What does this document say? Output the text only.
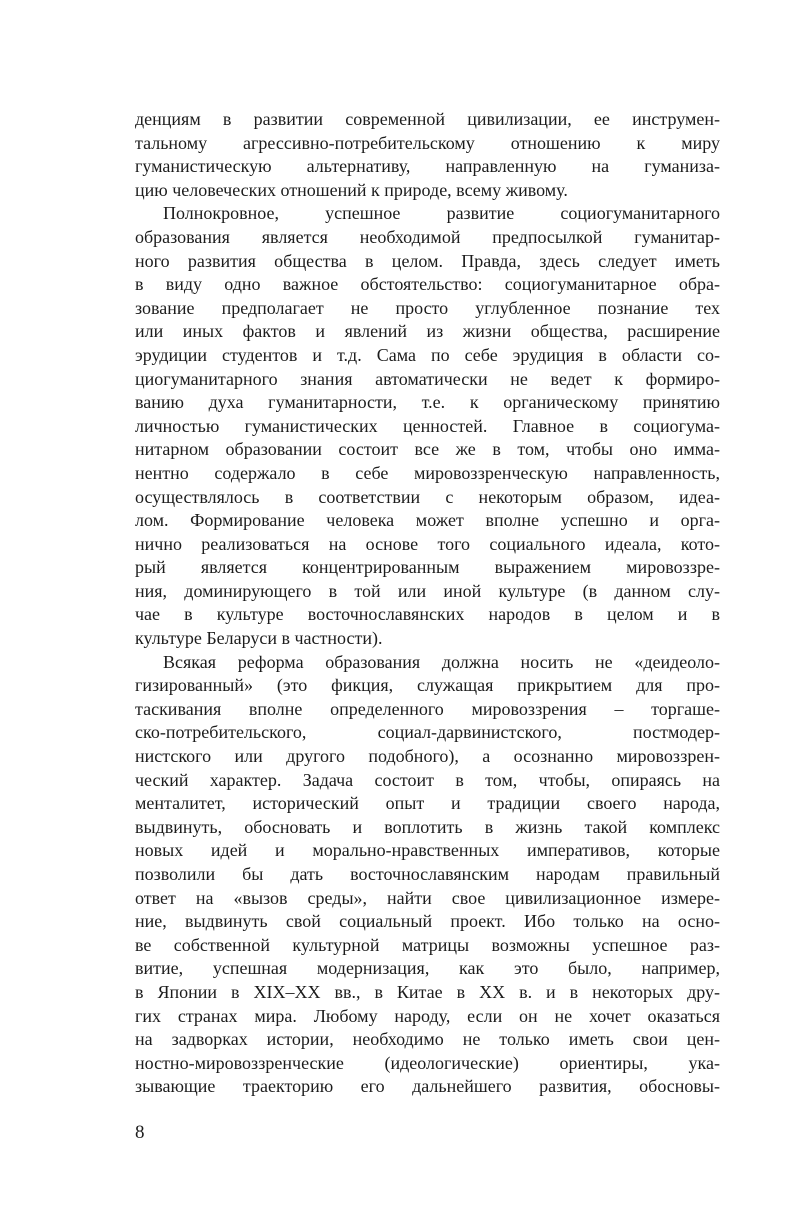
денциям в развитии современной цивилизации, ее инструмен-
тальному агрессивно-потребительскому отношению к миру
гуманистическую альтернативу, направленную на гуманиза-
цию человеческих отношений к природе, всему живому.
Полнокровное, успешное развитие социогуманитарного
образования является необходимой предпосылкой гуманитар-
ного развития общества в целом. Правда, здесь следует иметь
в виду одно важное обстоятельство: социогуманитарное обра-
зование предполагает не просто углубленное познание тех
или иных фактов и явлений из жизни общества, расширение
эрудиции студентов и т.д. Сама по себе эрудиция в области со-
циогуманитарного знания автоматически не ведет к формиро-
ванию духа гуманитарности, т.е. к органическому принятию
личностью гуманистических ценностей. Главное в социогума-
нитарном образовании состоит все же в том, чтобы оно имма-
нентно содержало в себе мировоззренческую направленность,
осуществлялось в соответствии с некоторым образом, идеа-
лом. Формирование человека может вполне успешно и орга-
нично реализоваться на основе того социального идеала, кото-
рый является концентрированным выражением мировоззре-
ния, доминирующего в той или иной культуре (в данном слу-
чае в культуре восточнославянских народов в целом и в
культуре Беларуси в частности).
Всякая реформа образования должна носить не «деидеоло-
гизированный» (это фикция, служащая прикрытием для про-
таскивания вполне определенного мировоззрения – торгаше-
ско-потребительского, социал-дарвинистского, постмодер-
нистского или другого подобного), а осознанно мировоззрен-
ческий характер. Задача состоит в том, чтобы, опираясь на
менталитет, исторический опыт и традиции своего народа,
выдвинуть, обосновать и воплотить в жизнь такой комплекс
новых идей и морально-нравственных императивов, которые
позволили бы дать восточнославянским народам правильный
ответ на «вызов среды», найти свое цивилизационное измере-
ние, выдвинуть свой социальный проект. Ибо только на осно-
ве собственной культурной матрицы возможны успешное раз-
витие, успешная модернизация, как это было, например,
в Японии в XIX–XX вв., в Китае в XX в. и в некоторых дру-
гих странах мира. Любому народу, если он не хочет оказаться
на задворках истории, необходимо не только иметь свои цен-
ностно-мировоззренческие (идеологические) ориентиры, ука-
зывающие траекторию его дальнейшего развития, обосновы-
8
